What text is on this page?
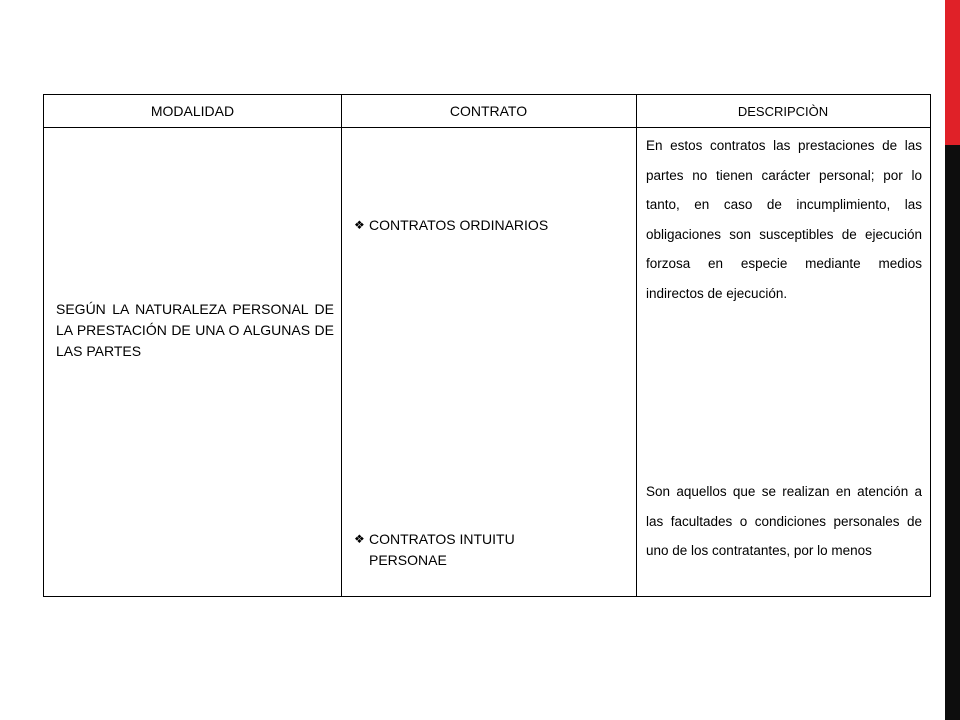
MODALIDAD	CONTRATO	DESCRIPCIÒN
SEGÚN LA NATURALEZA PERSONAL DE LA PRESTACIÓN DE UNA O ALGUNAS DE LAS PARTES
❖ CONTRATOS ORDINARIOS
❖ CONTRATOS INTUITU PERSONAE
En estos contratos las prestaciones de las partes no tienen carácter personal; por lo tanto, en caso de incumplimiento, las obligaciones son susceptibles de ejecución forzosa en especie mediante medios indirectos de ejecución.
Son aquellos que se realizan en atención a las facultades o condiciones personales de uno de los contratantes, por lo menos
